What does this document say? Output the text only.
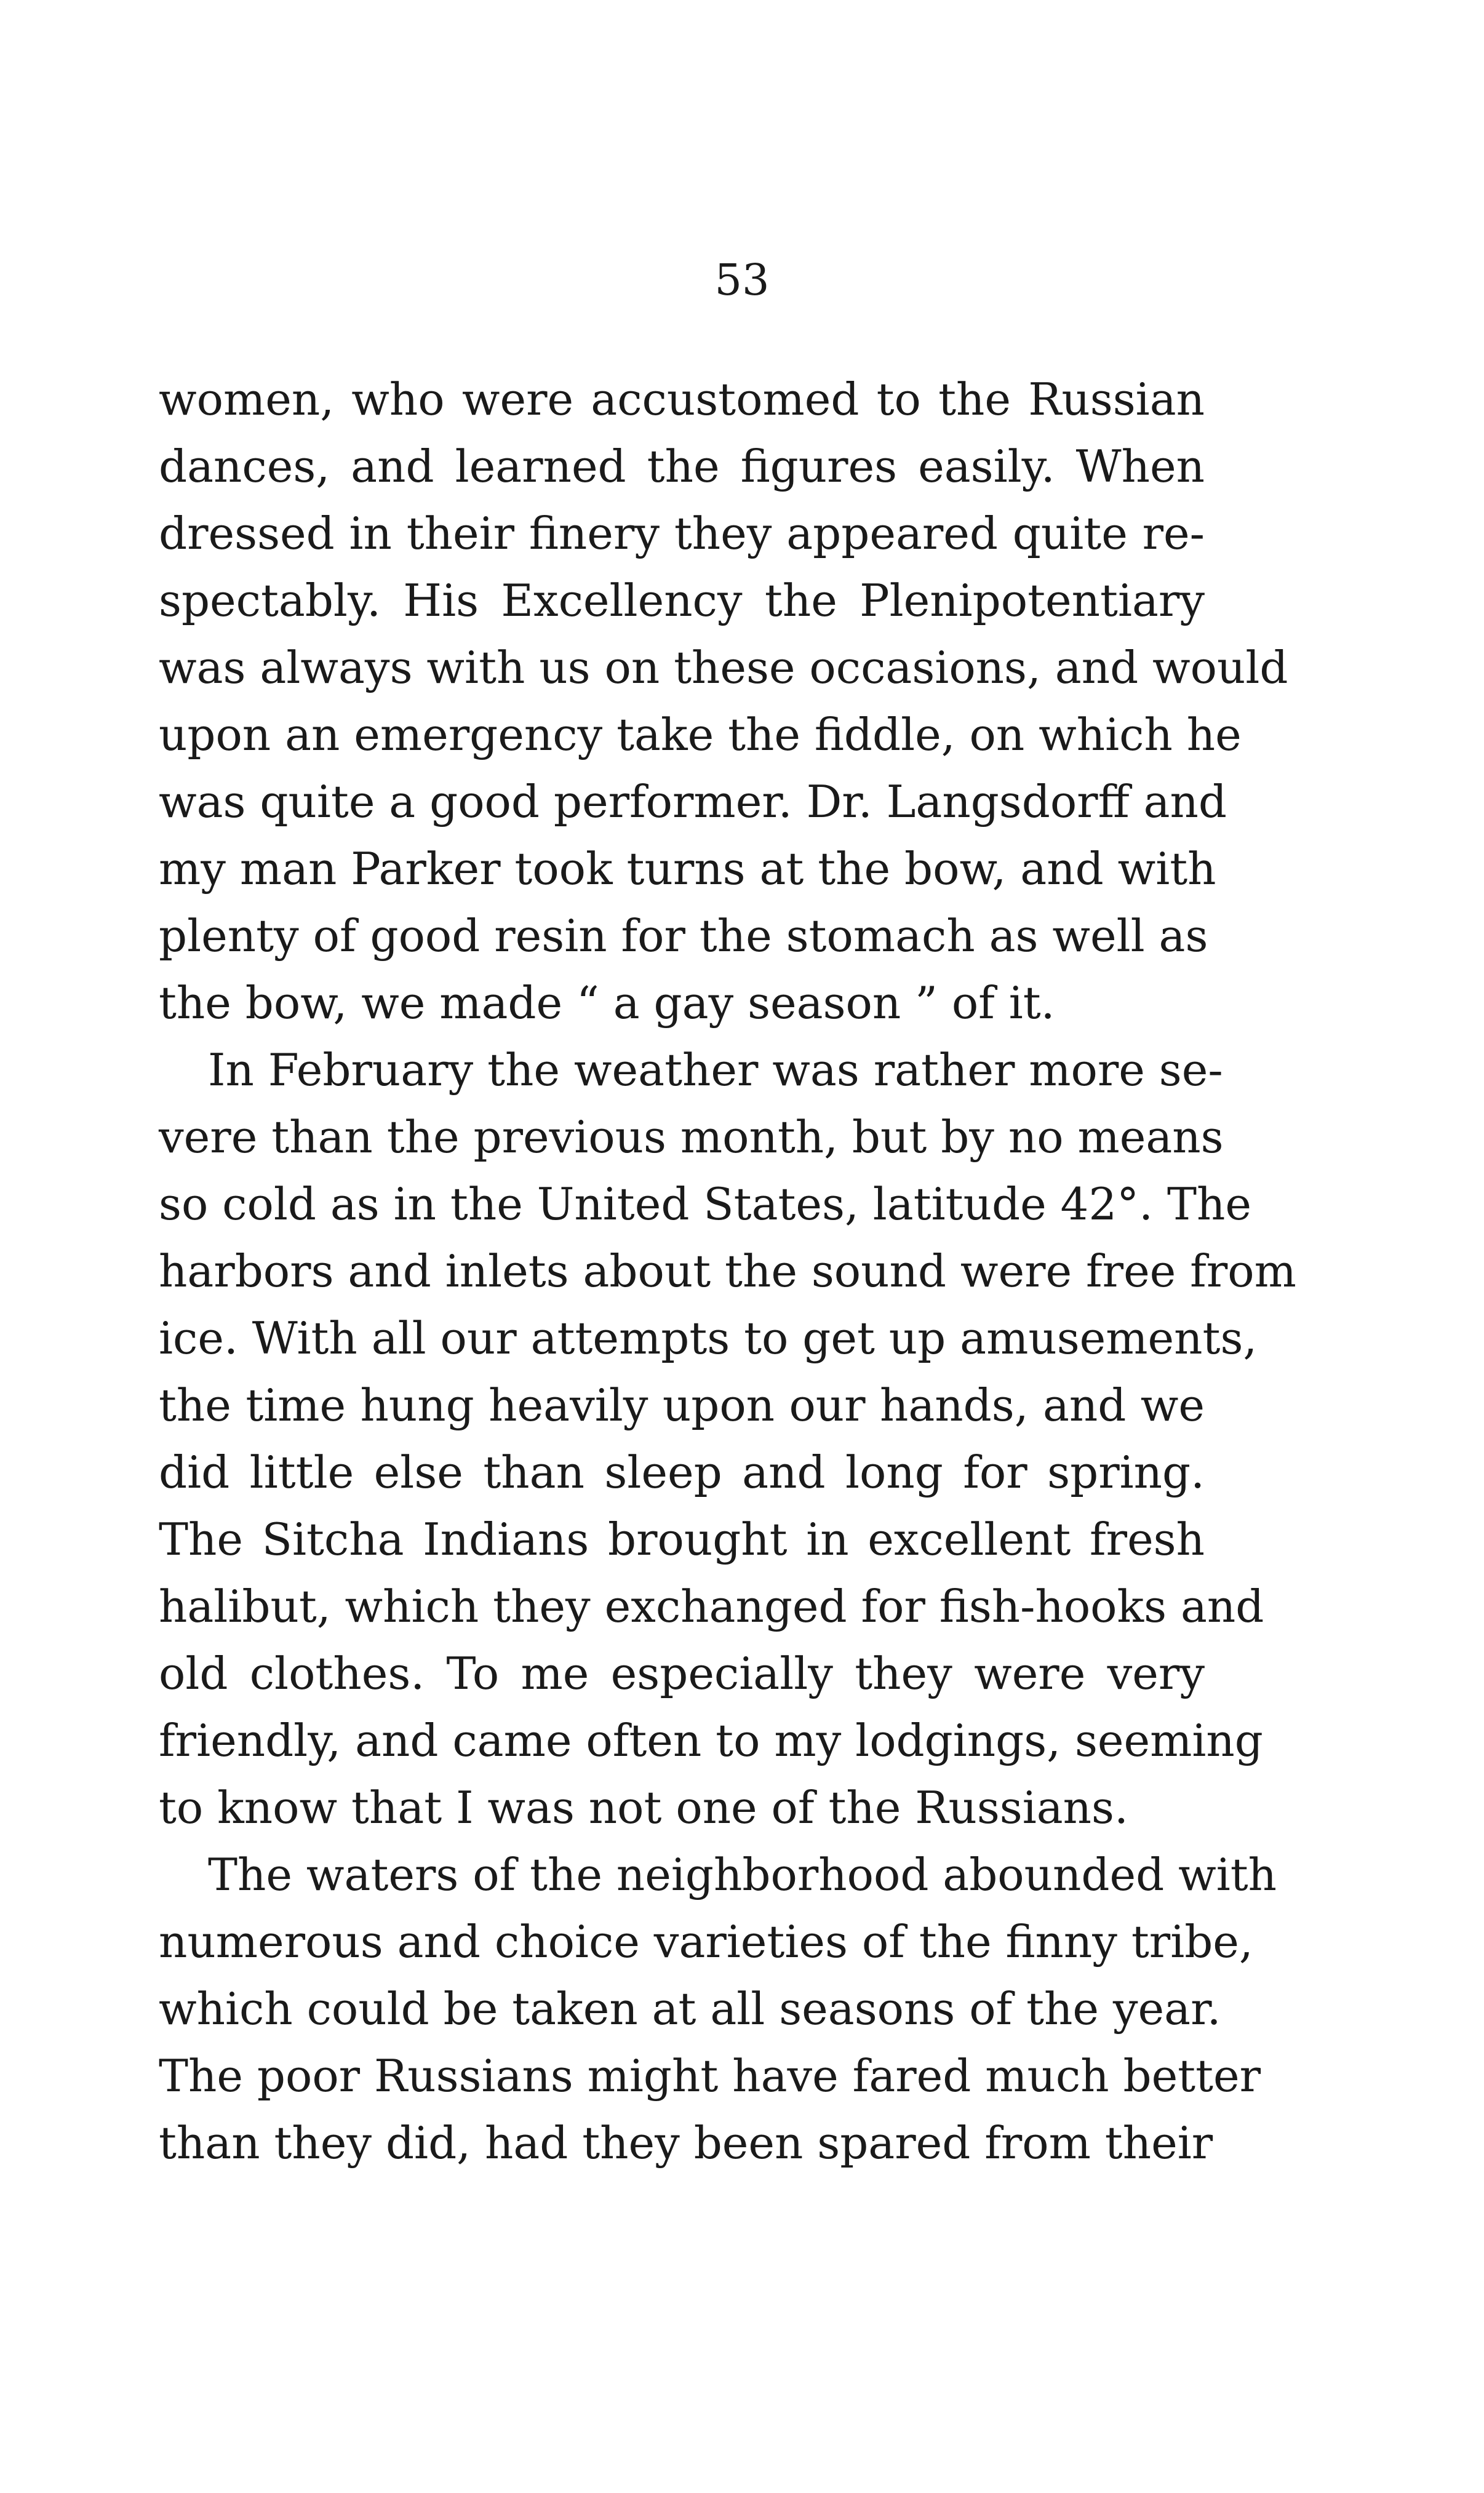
53
women, who were accustomed to the Russian
dances, and learned the figures easily. When
dressed in their finery they appeared quite re-
spectably. His Excellency the Plenipotentiary
was always with us on these occasions, and would
upon an emergency take the fiddle, on which he
was quite a good performer. Dr. Langsdorff and
my man Parker took turns at the bow, and with
plenty of good resin for the stomach as well as
the bow, we made “ a gay season ” of it.
In February the weather was rather more se-
vere than the previous month, but by no means
so cold as in the United States, latitude 42°. The
harbors and inlets about the sound were free from
ice. With all our attempts to get up amusements,
the time hung heavily upon our hands, and we
did little else than sleep and long for spring.
The Sitcha Indians brought in excellent fresh
halibut, which they exchanged for fish-hooks and
old clothes. To me especially they were very
friendly, and came often to my lodgings, seeming
to know that I was not one of the Russians.
The waters of the neighborhood abounded with
numerous and choice varieties of the finny tribe,
which could be taken at all seasons of the year.
The poor Russians might have fared much better
than they did, had they been spared from their
